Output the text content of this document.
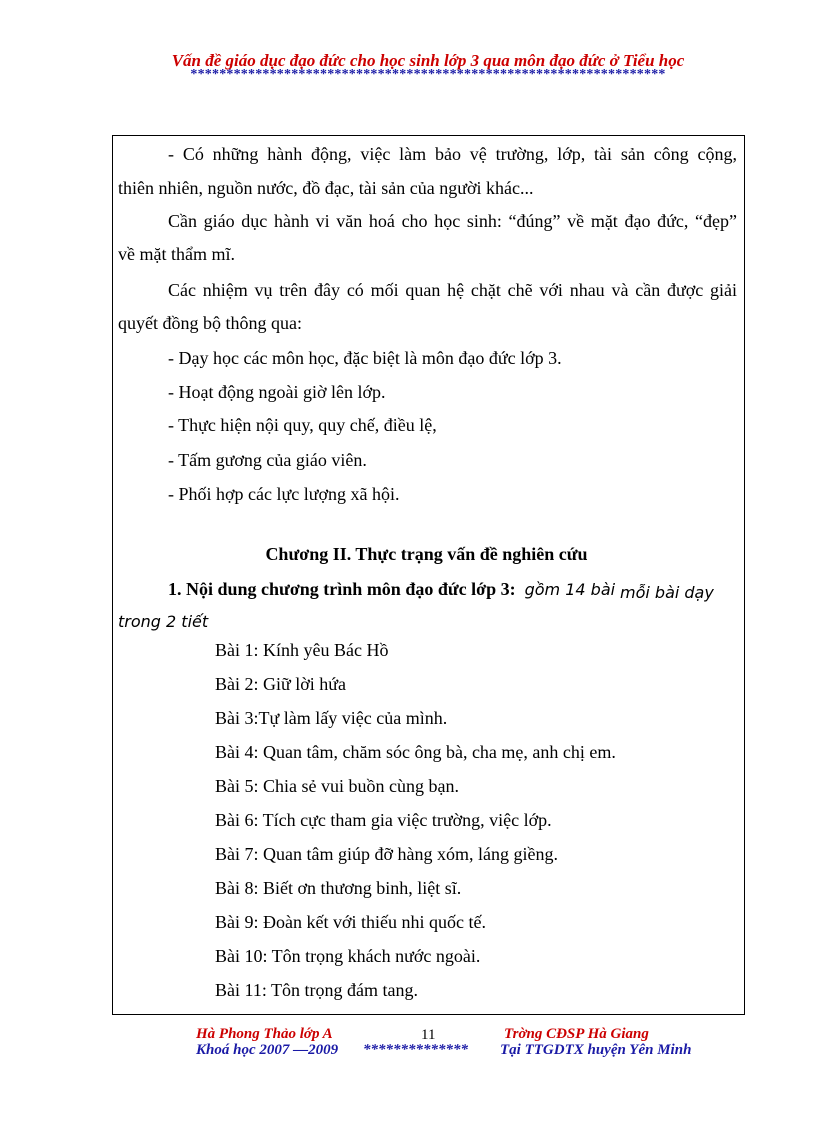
Vấn đề giáo dục đạo đức cho học sinh lớp 3 qua môn đạo đức ở Tiểu học
******************************************************************
- Có những hành động, việc làm bảo vệ trường, lớp, tài sản công cộng,
thiên nhiên, nguồn nước, đồ đạc, tài sản của người khác...
Cần giáo dục hành vi văn hoá cho học sinh: “đúng” về mặt đạo đức, “đẹp”
về mặt thẩm mĩ.
Các nhiệm vụ trên đây có mối quan hệ chặt chẽ với nhau và cần được giải
quyết đồng bộ thông qua:
- Dạy học các môn học, đặc biệt là môn đạo đức lớp 3.
- Hoạt động ngoài giờ lên lớp.
- Thực hiện nội quy, quy chế, điều lệ,
- Tấm gương của giáo viên.
- Phối hợp các lực lượng xã hội.
Chương II. Thực trạng vấn đề nghiên cứu
1. Nội dung chương trình môn đạo đức lớp 3: gồm 14 bài mỗi bài dạy
trong 2 tiết
Bài 1: Kính yêu Bác Hồ
Bài 2: Giữ lời hứa
Bài 3:Tự làm lấy việc của mình.
Bài 4: Quan tâm, chăm sóc ông bà, cha mẹ, anh chị em.
Bài 5: Chia sẻ vui buồn cùng bạn.
Bài 6: Tích cực tham gia việc trường, việc lớp.
Bài 7: Quan tâm giúp đỡ hàng xóm, láng giềng.
Bài 8: Biết ơn thương binh, liệt sĩ.
Bài 9: Đoàn kết với thiếu nhi quốc tế.
Bài 10: Tôn trọng khách nước ngoài.
Bài 11: Tôn trọng đám tang.
Hà Phong Thảo lớp A	11	Trờng CĐSP Hà Giang
Khoá học 2007 —2009 ************** Tại TTGDTX huyện Yên Minh
